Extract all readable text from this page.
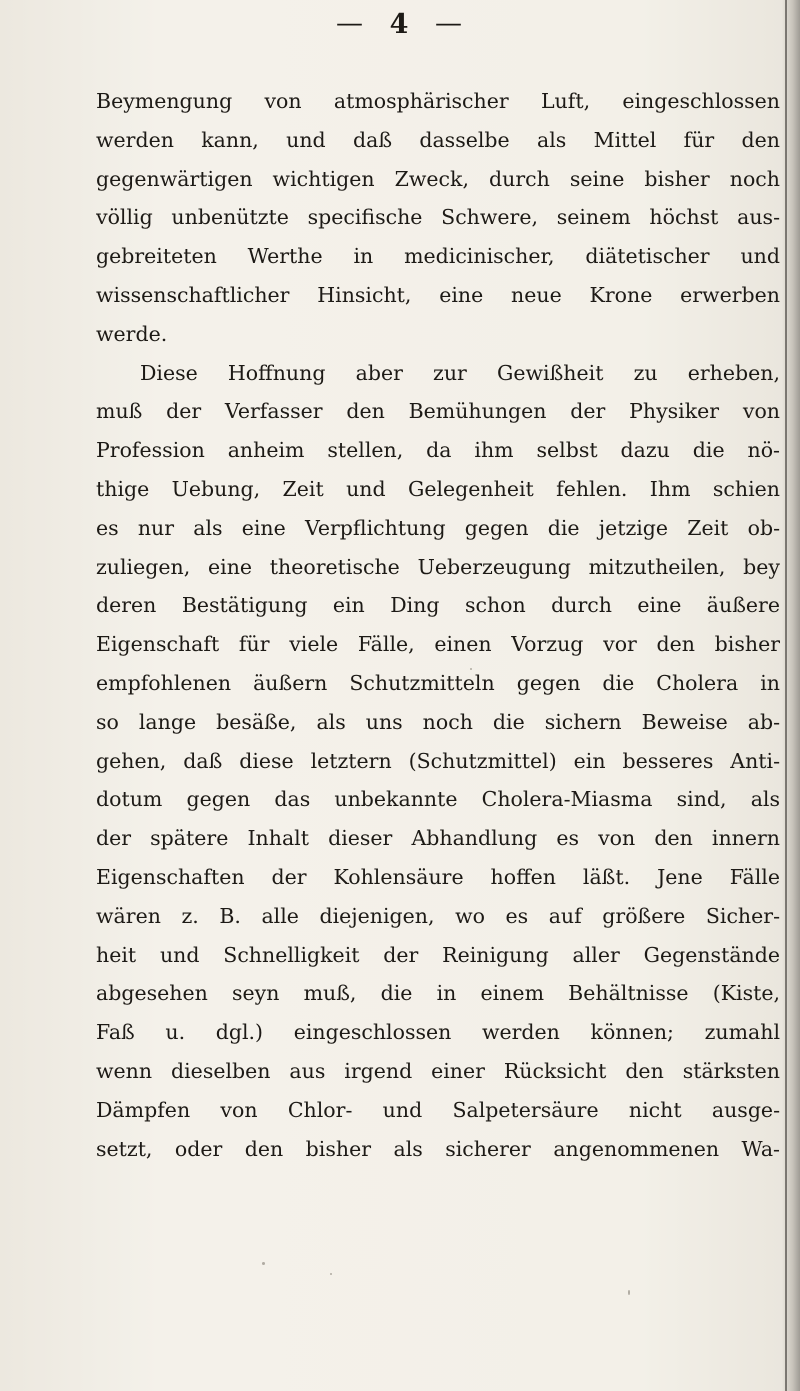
— 4 —
Beymengung von atmosphärischer Luft, eingeschlossen
werden kann, und daß dasselbe als Mittel für den
gegenwärtigen wichtigen Zweck, durch seine bisher noch
völlig unbenützte specifische Schwere, seinem höchst aus-
gebreiteten Werthe in medicinischer, diätetischer und
wissenschaftlicher Hinsicht, eine neue Krone erwerben
werde.
Diese Hoffnung aber zur Gewißheit zu erheben,
muß der Verfasser den Bemühungen der Physiker von
Profession anheim stellen, da ihm selbst dazu die nö-
thige Uebung, Zeit und Gelegenheit fehlen. Ihm schien
es nur als eine Verpflichtung gegen die jetzige Zeit ob-
zuliegen, eine theoretische Ueberzeugung mitzutheilen, bey
deren Bestätigung ein Ding schon durch eine äußere
Eigenschaft für viele Fälle, einen Vorzug vor den bisher
empfohlenen äußern Schutzmitteln gegen die Cholera in
so lange besäße, als uns noch die sichern Beweise ab-
gehen, daß diese letztern (Schutzmittel) ein besseres Anti-
dotum gegen das unbekannte Cholera-Miasma sind, als
der spätere Inhalt dieser Abhandlung es von den innern
Eigenschaften der Kohlensäure hoffen läßt. Jene Fälle
wären z. B. alle diejenigen, wo es auf größere Sicher-
heit und Schnelligkeit der Reinigung aller Gegenstände
abgesehen seyn muß, die in einem Behältnisse (Kiste,
Faß u. dgl.) eingeschlossen werden können; zumahl
wenn dieselben aus irgend einer Rücksicht den stärksten
Dämpfen von Chlor- und Salpetersäure nicht ausge-
setzt, oder den bisher als sicherer angenommenen Wa-
